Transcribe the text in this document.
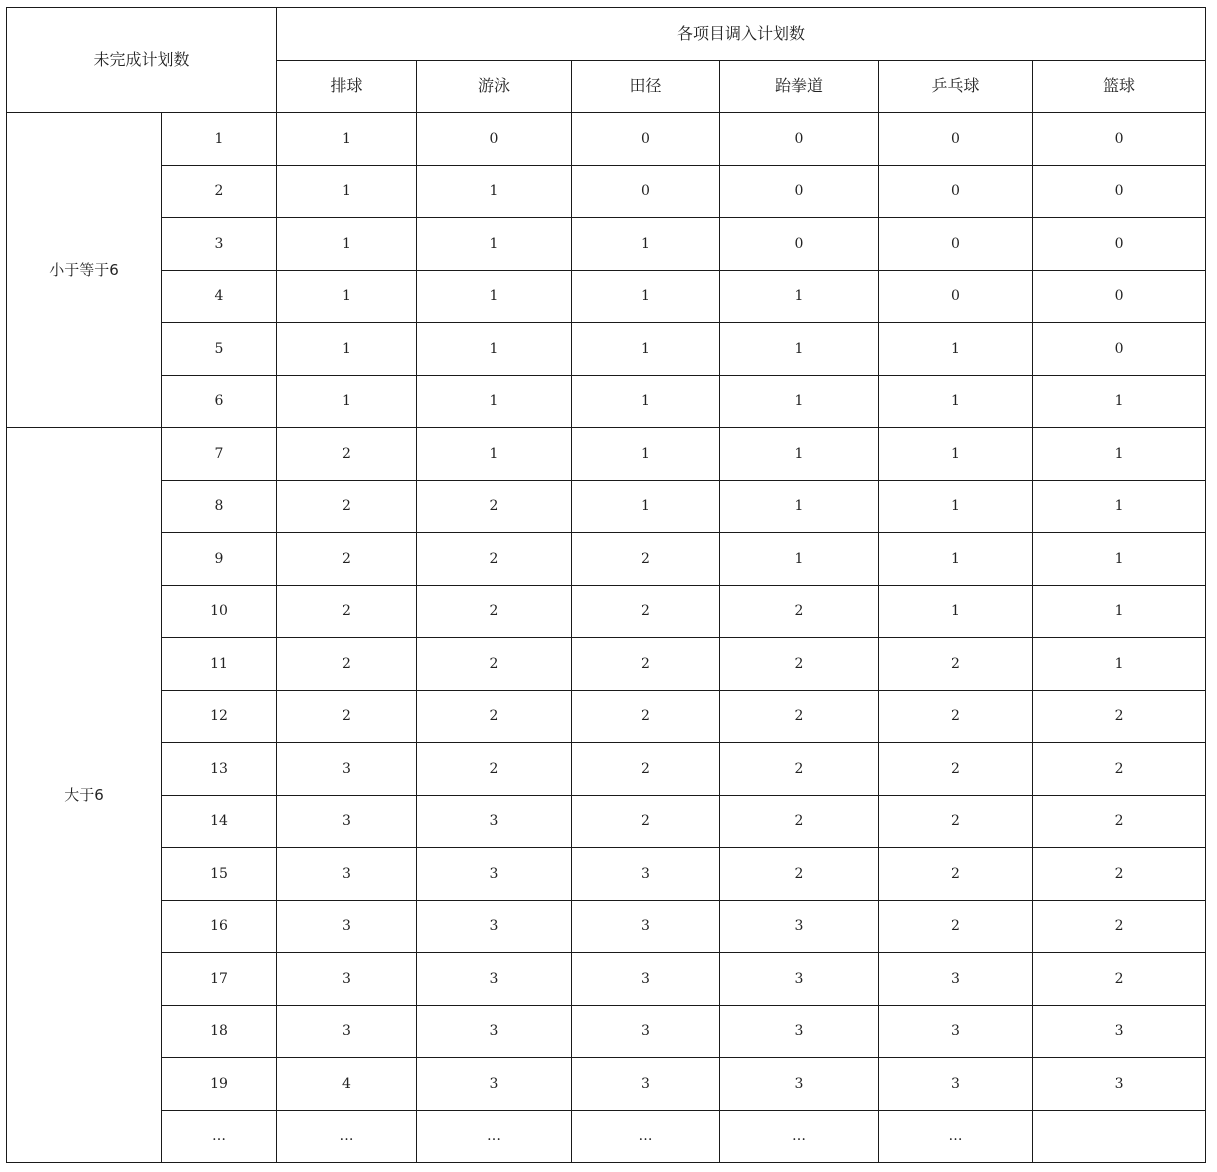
未完成计划数		各项目调入计划数					
		排球	游泳	田径	跆拳道	乒乓球	篮球
小于等于6	1	1	0	0	0	0	0
	2	1	1	0	0	0	0
	3	1	1	1	0	0	0
	4	1	1	1	1	0	0
	5	1	1	1	1	1	0
	6	1	1	1	1	1	1
大于6	7	2	1	1	1	1	1
	8	2	2	1	1	1	1
	9	2	2	2	1	1	1
	10	2	2	2	2	1	1
	11	2	2	2	2	2	1
	12	2	2	2	2	2	2
	13	3	2	2	2	2	2
	14	3	3	2	2	2	2
	15	3	3	3	2	2	2
	16	3	3	3	3	2	2
	17	3	3	3	3	3	2
	18	3	3	3	3	3	3
	19	4	3	3	3	3	3
	…	…	…	…	…	…	
